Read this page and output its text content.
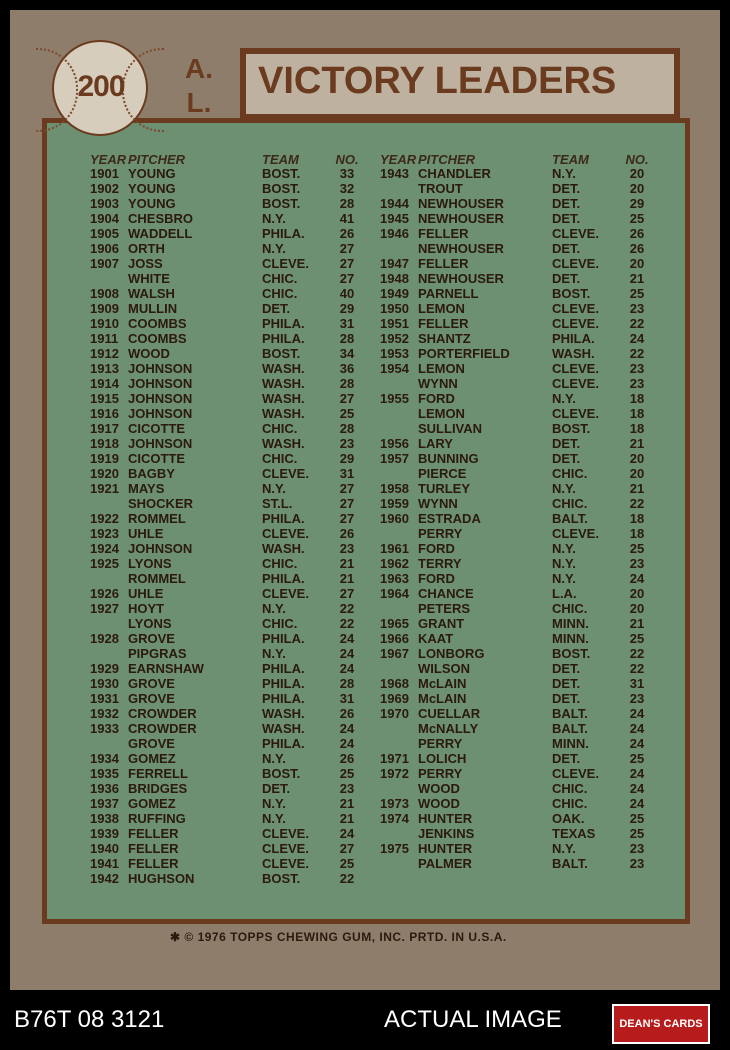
200
A.
L.
VICTORY LEADERS
YEAR PITCHER	TEAM	NO.
1901 YOUNG	BOST.	33
1902 YOUNG	BOST.	32
1903 YOUNG	BOST.	28
1904 CHESBRO	N.Y.	41
1905 WADDELL	PHILA.	26
1906 ORTH	N.Y.	27
1907 JOSS	CLEVE.	27
WHITE	CHIC.	27
1908 WALSH	CHIC.	40
1909 MULLIN	DET.	29
1910 COOMBS	PHILA.	31
1911 COOMBS	PHILA.	28
1912 WOOD	BOST.	34
1913 JOHNSON	WASH.	36
1914 JOHNSON	WASH.	28
1915 JOHNSON	WASH.	27
1916 JOHNSON	WASH.	25
1917 CICOTTE	CHIC.	28
1918 JOHNSON	WASH.	23
1919 CICOTTE	CHIC.	29
1920 BAGBY	CLEVE.	31
1921 MAYS	N.Y.	27
SHOCKER	ST.L.	27
1922 ROMMEL	PHILA.	27
1923 UHLE	CLEVE.	26
1924 JOHNSON	WASH.	23
1925 LYONS	CHIC.	21
ROMMEL	PHILA.	21
1926 UHLE	CLEVE.	27
1927 HOYT	N.Y.	22
LYONS	CHIC.	22
1928 GROVE	PHILA.	24
PIPGRAS	N.Y.	24
1929 EARNSHAW	PHILA.	24
1930 GROVE	PHILA.	28
1931 GROVE	PHILA.	31
1932 CROWDER	WASH.	26
1933 CROWDER	WASH.	24
GROVE	PHILA.	24
1934 GOMEZ	N.Y.	26
1935 FERRELL	BOST.	25
1936 BRIDGES	DET.	23
1937 GOMEZ	N.Y.	21
1938 RUFFING	N.Y.	21
1939 FELLER	CLEVE.	24
1940 FELLER	CLEVE.	27
1941 FELLER	CLEVE.	25
1942 HUGHSON	BOST.	22
YEAR PITCHER	TEAM	NO.
1943 CHANDLER	N.Y.	20
TROUT	DET.	20
1944 NEWHOUSER	DET.	29
1945 NEWHOUSER	DET.	25
1946 FELLER	CLEVE.	26
NEWHOUSER	DET.	26
1947 FELLER	CLEVE.	20
1948 NEWHOUSER	DET.	21
1949 PARNELL	BOST.	25
1950 LEMON	CLEVE.	23
1951 FELLER	CLEVE.	22
1952 SHANTZ	PHILA.	24
1953 PORTERFIELD	WASH.	22
1954 LEMON	CLEVE.	23
WYNN	CLEVE.	23
1955 FORD	N.Y.	18
LEMON	CLEVE.	18
SULLIVAN	BOST.	18
1956 LARY	DET.	21
1957 BUNNING	DET.	20
PIERCE	CHIC.	20
1958 TURLEY	N.Y.	21
1959 WYNN	CHIC.	22
1960 ESTRADA	BALT.	18
PERRY	CLEVE.	18
1961 FORD	N.Y.	25
1962 TERRY	N.Y.	23
1963 FORD	N.Y.	24
1964 CHANCE	L.A.	20
PETERS	CHIC.	20
1965 GRANT	MINN.	21
1966 KAAT	MINN.	25
1967 LONBORG	BOST.	22
WILSON	DET.	22
1968 McLAIN	DET.	31
1969 McLAIN	DET.	23
1970 CUELLAR	BALT.	24
McNALLY	BALT.	24
PERRY	MINN.	24
1971 LOLICH	DET.	25
1972 PERRY	CLEVE.	24
WOOD	CHIC.	24
1973 WOOD	CHIC.	24
1974 HUNTER	OAK.	25
JENKINS	TEXAS	25
1975 HUNTER	N.Y.	23
PALMER	BALT.	23
✱ © 1976 TOPPS CHEWING GUM, INC. PRTD. IN U.S.A.
B76T 08 3121	ACTUAL IMAGE	DEAN'S CARDS
